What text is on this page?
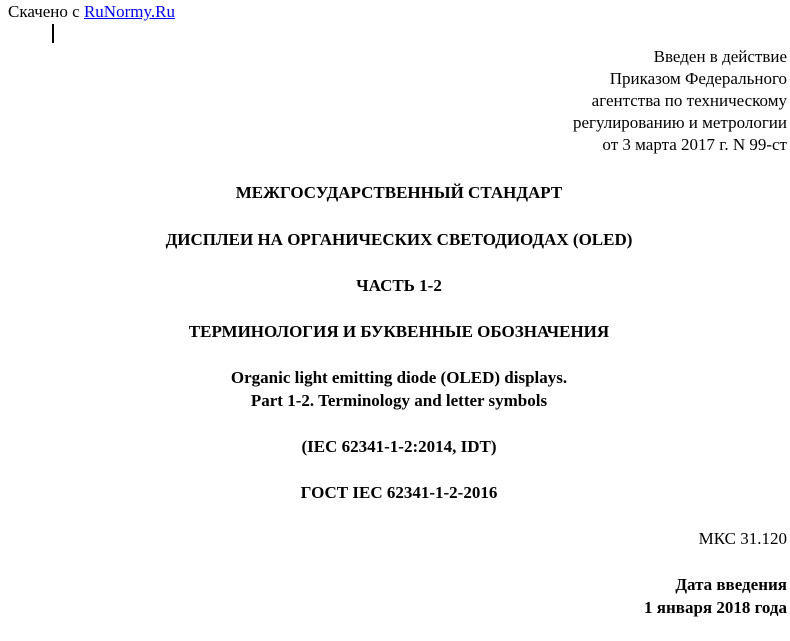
Скачено с RuNormy.Ru
Введен в действие
Приказом Федерального
агентства по техническому
регулированию и метрологии
от 3 марта 2017 г. N 99-ст
МЕЖГОСУДАРСТВЕННЫЙ СТАНДАРТ
ДИСПЛЕИ НА ОРГАНИЧЕСКИХ СВЕТОДИОДАХ (OLED)
ЧАСТЬ 1-2
ТЕРМИНОЛОГИЯ И БУКВЕННЫЕ ОБОЗНАЧЕНИЯ
Organic light emitting diode (OLED) displays.
Part 1-2. Terminology and letter symbols
(IEC 62341-1-2:2014, IDT)
ГОСТ IEC 62341-1-2-2016
МКС 31.120
Дата введения
1 января 2018 года
